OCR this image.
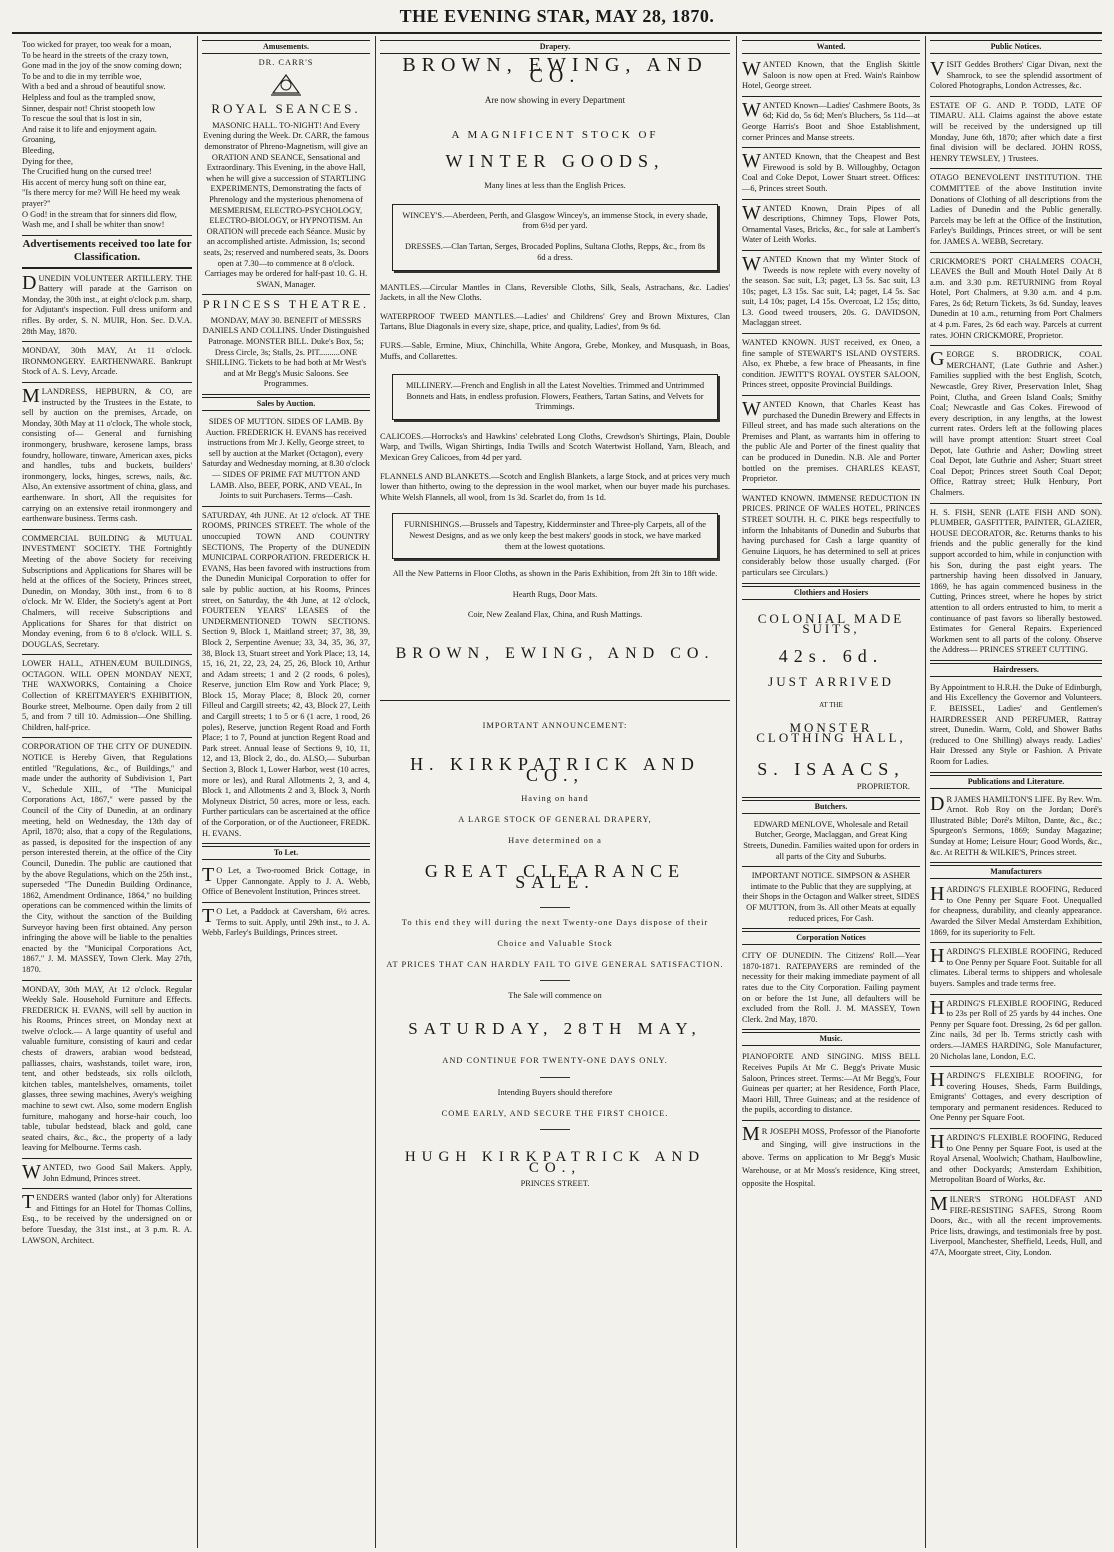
THE EVENING STAR, MAY 28, 1870.
Too wicked for prayer, too weak for a moan,
To be heard in the streets of the crazy town,
Gone mad in the joy of the snow coming down;
To be and to die in my terrible woe,
With a bed and a shroud of beautiful snow.
Helpless and foul as the trampled snow,
Sinner, despair not! Christ stoopeth low
To rescue the soul that is lost in sin,
And raise it to life and enjoyment again.
Groaning,
Bleeding,
Dying for thee,
The Crucified hung on the cursed tree!
His accent of mercy hung soft on thine ear,
"Is there mercy for me? Will He heed my weak prayer?"
O God! in the stream that for sinners did flow,
Wash me, and I shall be whiter than snow!
Advertisements received too late for Classification.
DUNEDIN VOLUNTEER ARTILLERY. THE Battery will parade at the Garrison on Monday, the 30th inst., at eight o'clock p.m. sharp, for Adjutant's inspection. Full dress uniform and rifles. By order, S. N. MUIR, Hon. Sec. D.V.A. 28th May, 1870.
MONDAY, 30th MAY, At 11 o'clock. IRONMONGERY. EARTHENWARE. Bankrupt Stock of A. S. Levy, Arcade.
MLANDRESS, HEPBURN, & CO, are instructed by the Trustees in the Estate, to sell by auction on the premises, Arcade, on Monday, 30th May at 11 o'clock, The whole stock, consisting of— General and furnishing ironmongery, brushware, kerosene lamps, brass foundry, holloware, tinware, American axes, picks and handles, tubs and buckets, builders' ironmongery, locks, hinges, screws, nails, &c. Also, An extensive assortment of china, glass, and earthenware. In short, All the requisites for carrying on an extensive retail ironmongery and earthenware business. Terms cash.
COMMERCIAL BUILDING & MUTUAL INVESTMENT SOCIETY. THE Fortnightly Meeting of the above Society for receiving Subscriptions and Applications for Shares will be held at the offices of the Society, Princes street, Dunedin, on Monday, 30th inst., from 6 to 8 o'clock. Mr W. Elder, the Society's agent at Port Chalmers, will receive Subscriptions and Applications for Shares for that district on Monday evening, from 6 to 8 o'clock. WILL S. DOUGLAS, Secretary.
LOWER HALL, ATHENÆUM BUILDINGS, OCTAGON. WILL OPEN MONDAY NEXT, THE WAXWORKS, Containing a Choice Collection of KREITMAYER'S EXHIBITION, Bourke street, Melbourne. Open daily from 2 till 5, and from 7 till 10. Admission—One Shilling. Children, half-price.
CORPORATION OF THE CITY OF DUNEDIN. NOTICE is Hereby Given, that Regulations entitled "Regulations, &c., of Buildings," and made under the authority of Subdivision 1, Part V., Schedule XIII., of "The Municipal Corporations Act, 1867," were passed by the Council of the City of Dunedin, at an ordinary meeting, held on Wednesday, the 13th day of April, 1870; also, that a copy of the Regulations, as passed, is deposited for the inspection of any person interested therein, at the office of the City Council, Dunedin. The public are cautioned that by the above Regulations, which on the 25th inst., superseded "The Dunedin Building Ordinance, 1862, Amendment Ordinance, 1864," no building operations can be commenced within the limits of the City, without the sanction of the Building Surveyor having been first obtained. Any person infringing the above will be liable to the penalties enacted by the "Municipal Corporations Act, 1867." J. M. MASSEY, Town Clerk. May 27th, 1870.
MONDAY, 30th MAY, At 12 o'clock. Regular Weekly Sale. Household Furniture and Effects. FREDERICK H. EVANS, will sell by auction in his Rooms, Princes street, on Monday next at twelve o'clock.— A large quantity of useful and valuable furniture, consisting of kauri and cedar chests of drawers, arabian wood bedstead, palliasses, chairs, washstands, toilet ware, iron, tent, and other bedsteads, six rolls oilcloth, kitchen tables, mantelshelves, ornaments, toilet glasses, three sewing machines, Avery's weighing machine to sewt cwt. Also, some modern English furniture, mahogany and horse-hair couch, loo table, tubular bedstead, black and gold, cane seated chairs, &c., &c., the property of a lady leaving for Melbourne. Terms cash.
WANTED, two Good Sail Makers. Apply, John Edmund, Princes street.
TENDERS wanted (labor only) for Alterations and Fittings for an Hotel for Thomas Collins, Esq., to be received by the undersigned on or before Tuesday, the 31st inst., at 3 p.m. R. A. LAWSON, Architect.
Amusements.
DR. CARR'S
ROYAL SEANCES.
MASONIC HALL. TO-NIGHT! And Every Evening during the Week. Dr. CARR, the famous demonstrator of Phreno-Magnetism, will give an ORATION AND SEANCE, Sensational and Extraordinary. This Evening, in the above Hall, when he will give a succession of STARTLING EXPERIMENTS, Demonstrating the facts of Phrenology and the mysterious phenomena of MESMERISM, ELECTRO-PSYCHOLOGY, ELECTRO-BIOLOGY, or HYPNOTISM. An ORATION will precede each Séance. Music by an accomplished artiste. Admission, 1s; second seats, 2s; reserved and numbered seats, 3s. Doors open at 7.30—to commence at 8 o'clock. Carriages may be ordered for half-past 10. G. H. SWAN, Manager.
PRINCESS THEATRE.
MONDAY, MAY 30. BENEFIT of MESSRS DANIELS AND COLLINS. Under Distinguished Patronage. MONSTER BILL. Duke's Box, 5s; Dress Circle, 3s; Stalls, 2s. PIT..........ONE SHILLING. Tickets to be had both at Mr West's and at Mr Begg's Music Saloons. See Programmes.
Sales by Auction.
SIDES OF MUTTON. SIDES OF LAMB. By Auction. FREDERICK H. EVANS has received instructions from Mr J. Kelly, George street, to sell by auction at the Market (Octagon), every Saturday and Wednesday morning, at 8.30 o'clock— SIDES OF PRIME FAT MUTTON AND LAMB. Also, BEEF, PORK, AND VEAL, In Joints to suit Purchasers. Terms—Cash.
SATURDAY, 4th JUNE. At 12 o'clock. AT THE ROOMS, PRINCES STREET. The whole of the unoccupied TOWN AND COUNTRY SECTIONS, The Property of the DUNEDIN MUNICIPAL CORPORATION. FREDERICK H. EVANS, Has been favored with instructions from the Dunedin Municipal Corporation to offer for sale by public auction, at his Rooms, Princes street, on Saturday, the 4th June, at 12 o'clock, FOURTEEN YEARS' LEASES of the UNDERMENTIONED TOWN SECTIONS. Section 9, Block 1, Maitland street; 37, 38, 39, Block 2, Serpentine Avenue; 33, 34, 35, 36, 37, 38, Block 13, Stuart street and York Place; 13, 14, 15, 16, 21, 22, 23, 24, 25, 26, Block 10, Arthur and Adam streets; 1 and 2 (2 roods, 6 poles), Reserve, junction Elm Row and York Place; 9, Block 15, Moray Place; 8, Block 20, corner Filleul and Cargill streets; 42, 43, Block 27, Leith and Cargill streets; 1 to 5 or 6 (1 acre, 1 rood, 26 poles), Reserve, junction Regent Road and Forth Place; 1 to 7, Pound at junction Regent Road and Park street. Annual lease of Sections 9, 10, 11, 12, and 13, Block 2, do., do. ALSO,— Suburban Section 3, Block 1, Lower Harbor, west (10 acres, more or les), and Rural Allotments 2, 3, and 4, Block 1, and Allotments 2 and 3, Block 3, North Molyneux District, 50 acres, more or less, each. Further particulars can be ascertained at the office of the Corporation, or of the Auctioneer, FREDK. H. EVANS.
To Let.
TO Let, a Two-roomed Brick Cottage, in Upper Cannongate. Apply to J. A. Webb, Office of Benevolent Institution, Princes street.
TO Let, a Paddock at Caversham, 6½ acres. Terms to suit. Apply, until 29th inst., to J. A. Webb, Farley's Buildings, Princes street.
Drapery.
BROWN, EWING, AND CO.
Are now showing in every Department
A MAGNIFICENT STOCK OF
WINTER GOODS,
Many lines at less than the English Prices.
WINCEY'S.—Aberdeen, Perth, and Glasgow Wincey's, an immense Stock, in every shade, from 6½d per yard.

DRESSES.—Clan Tartan, Serges, Brocaded Poplins, Sultana Cloths, Repps, &c., from 8s 6d a dress.

MANTLES.—Circular Mantles in Clans, Reversible Cloths, Silk, Seals, Astrachans, &c. Ladies' Jackets, in all the New Cloths.

WATERPROOF TWEED MANTLES.—Ladies' and Childrens' Grey and Brown Mixtures, Clan Tartans, Blue Diagonals in every size, shape, price, and quality, Ladies', from 9s 6d.

FURS.—Sable, Ermine, Miux, Chinchilla, White Angora, Grebe, Monkey, and Musquash, in Boas, Muffs, and Collarettes.

MILLINERY.—French and English in all the Latest Novelties. Trimmed and Untrimmed Bonnets and Hats, in endless profusion. Flowers, Feathers, Tartan Satins, and Velvets for Trimmings.

CALICOES.—Horrocks's and Hawkins' celebrated Long Cloths, Crewdson's Shirtings, Plain, Double Warp, and Twills, Wigan Shirtings, India Twills and Scotch Watertwist Holland, Yarn, Bleach, and Mexican Grey Calicoes, from 4d per yard.

FLANNELS AND BLANKETS.—Scotch and English Blankets, a large Stock, and at prices very much lower than hitherto, owing to the depression in the wool market, when our buyer made his purchases. White Welsh Flannels, all wool, from 1s 3d. Scarlet do, from 1s 1d.

FURNISHINGS.—Brussels and Tapestry, Kidderminster and Three-ply Carpets, all of the Newest Designs, and as we only keep the best makers' goods in stock, we have marked them at the lowest quotations.
All the New Patterns in Floor Cloths, as shown in the Paris Exhibition, from 2ft 3in to 18ft wide.
Hearth Rugs, Door Mats.
Coir, New Zealand Flax, China, and Rush Mattings.
BROWN, EWING, AND CO.
IMPORTANT ANNOUNCEMENT:
H. KIRKPATRICK AND CO.,

Having on hand

A LARGE STOCK OF GENERAL DRAPERY,

Have determined on a

GREAT CLEARANCE SALE.

To this end they will during the next Twenty-one Days dispose of their

Choice and Valuable Stock

AT PRICES THAT CAN HARDLY FAIL TO GIVE GENERAL SATISFACTION.

The Sale will commence on
SATURDAY, 28TH MAY,
AND CONTINUE FOR TWENTY-ONE DAYS ONLY.
Intending Buyers should therefore
COME EARLY, AND SECURE THE FIRST CHOICE.
HUGH KIRKPATRICK AND CO.,
PRINCES STREET.
Wanted.
WANTED Known, that the English Skittle Saloon is now open at Fred. Wain's Rainbow Hotel, George street.
WANTED Known—Ladies' Cashmere Boots, 3s 6d; Kid do, 5s 6d; Men's Bluchers, 5s 11d—at George Harris's Boot and Shoe Establishment, corner Princes and Manse streets.
WANTED Known, that the Cheapest and Best Firewood is sold by B. Willoughby, Octagon Coal and Coke Depot, Lower Stuart street. Offices:—6, Princes street South.
WANTED Known, Drain Pipes of all descriptions, Chimney Tops, Flower Pots, Ornamental Vases, Bricks, &c., for sale at Lambert's Water of Leith Works.
WANTED Known that my Winter Stock of Tweeds is now replete with every novelty of the season. Sac suit, L3; paget, L3 5s. Sac suit, L3 10s; paget, L3 15s. Sac suit, L4; paget, L4 5s. Sac suit, L4 10s; paget, L4 15s. Overcoat, L2 15s; ditto, L3. Good tweed trousers, 20s. G. DAVIDSON, Maclaggan street.
WANTED KNOWN. JUST received, ex Oneo, a fine sample of STEWART'S ISLAND OYSTERS. Also, ex Phœbe, a few brace of Pheasants, in fine condition. JEWITT'S ROYAL OYSTER SALOON, Princes street, opposite Provincial Buildings.
WANTED Known, that Charles Keast has purchased the Dunedin Brewery and Effects in Filleul street, and has made such alterations on the Premises and Plant, as warrants him in offering to the public Ale and Porter of the finest quality that can be produced in Dunedin. N.B. Ale and Porter bottled on the premises. CHARLES KEAST, Proprietor.
WANTED KNOWN. IMMENSE REDUCTION IN PRICES. PRINCE OF WALES HOTEL, PRINCES STREET SOUTH. H. C. PIKE begs respectfully to inform the Inhabitants of Dunedin and Suburbs that having purchased for Cash a large quantity of Genuine Liquors, he has determined to sell at prices considerably below those usually charged. (For particulars see Circulars.)
Clothiers and Hosiers
COLONIAL MADE SUITS,
42s. 6d.
JUST ARRIVED
AT THE
MONSTER CLOTHING HALL,
S. ISAACS,
PROPRIETOR.
Butchers.
EDWARD MENLOVE, Wholesale and Retail Butcher, George, Maclaggan, and Great King Streets, Dunedin. Families waited upon for orders in all parts of the City and Suburbs.
IMPORTANT NOTICE. SIMPSON & ASHER intimate to the Public that they are supplying, at their Shops in the Octagon and Walker street, SIDES OF MUTTON, from 3s. All other Meats at equally reduced prices, For Cash.
Corporation Notices
CITY OF DUNEDIN. The Citizens' Roll.—Year 1870-1871. RATEPAYERS are reminded of the necessity for their making immediate payment of all rates due to the City Corporation. Failing payment on or before the 1st June, all defaulters will be excluded from the Roll. J. M. MASSEY, Town Clerk. 2nd May, 1870.
Music.
PIANOFORTE AND SINGING. MISS BELL Receives Pupils At Mr C. Begg's Private Music Saloon, Princes street. Terms:—At Mr Begg's, Four Guineas per quarter; at her Residence, Forth Place, Maori Hill, Three Guineas; and at the residence of the pupils, according to distance.
MR JOSEPH MOSS, Professor of the Pianoforte and Singing, will give instructions in the above. Terms on application to Mr Begg's Music Warehouse, or at Mr Moss's residence, King street, opposite the Hospital.
Public Notices.
VISIT Geddes Brothers' Cigar Divan, next the Shamrock, to see the splendid assortment of Colored Photographs, London Actresses, &c.
ESTATE OF G. AND P. TODD, LATE OF TIMARU. ALL Claims against the above estate will be received by the undersigned up till Monday, June 6th, 1870; after which date a first final division will be declared. JOHN ROSS, HENRY TEWSLEY, } Trustees.
OTAGO BENEVOLENT INSTITUTION. THE COMMITTEE of the above Institution invite Donations of Clothing of all descriptions from the Ladies of Dunedin and the Public generally. Parcels may be left at the Office of the Institution, Farley's Buildings, Princes street, or will be sent for. JAMES A. WEBB, Secretary.
CRICKMORE'S PORT CHALMERS COACH, LEAVES the Bull and Mouth Hotel Daily At 8 a.m. and 3.30 p.m. RETURNING from Royal Hotel, Port Chalmers, at 9.30 a.m. and 4 p.m. Fares, 2s 6d; Return Tickets, 3s 6d. Sunday, leaves Dunedin at 10 a.m., returning from Port Chalmers at 4 p.m. Fares, 2s 6d each way. Parcels at current rates. JOHN CRICKMORE, Proprietor.
GEORGE S. BRODRICK, COAL MERCHANT, (Late Guthrie and Asher.) Families supplied with the best English, Scotch, Newcastle, Grey River, Preservation Inlet, Shag Point, Clutha, and Green Island Coals; Smithy Coal; Newcastle and Gas Cokes. Firewood of every description, in any lengths, at the lowest current rates. Orders left at the following places will have prompt attention: Stuart street Coal Depot, late Guthrie and Asher; Dowling street Coal Depot, late Guthrie and Asher; Stuart street Coal Depot; Princes street South Coal Depot; Office, Rattray street; Hulk Henbury, Port Chalmers.
H. S. FISH, SENR (LATE FISH AND SON). PLUMBER, GASFITTER, PAINTER, GLAZIER, HOUSE DECORATOR, &c. Returns thanks to his friends and the public generally for the kind support accorded to him, while in conjunction with his Son, during the past eight years. The partnership having been dissolved in January, 1869, he has again commenced business in the Cutting, Princes street, where he hopes by strict attention to all orders entrusted to him, to merit a continuance of past favors so liberally bestowed. Estimates for General Repairs. Experienced Workmen sent to all parts of the colony. Observe the Address— PRINCES STREET CUTTING.
Hairdressers.
By Appointment to H.R.H. the Duke of Edinburgh, and His Excellency the Governor and Volunteers. F. BEISSEL, Ladies' and Gentlemen's HAIRDRESSER AND PERFUMER, Rattray street, Dunedin. Warm, Cold, and Shower Baths (reduced to One Shilling) always ready. Ladies' Hair Dressed any Style or Fashion. A Private Room for Ladies.
Publications and Literature.
DR JAMES HAMILTON'S LIFE. By Rev. Wm. Arnot. Rob Roy on the Jordan; Doré's Illustrated Bible; Doré's Milton, Dante, &c., &c.; Spurgeon's Sermons, 1869; Sunday Magazine; Sunday at Home; Leisure Hour; Good Words, &c., &c. At REITH & WILKIE'S, Princes street.
Manufacturers
HARDING'S FLEXIBLE ROOFING, Reduced to One Penny per Square Foot. Unequalled for cheapness, durability, and cleanly appearance. Awarded the Silver Medal Amsterdam Exhibition, 1869, for its superiority to Felt.
HARDING'S FLEXIBLE ROOFING, Reduced to One Penny per Square Foot. Suitable for all climates. Liberal terms to shippers and wholesale buyers. Samples and trade terms free.
HARDING'S FLEXIBLE ROOFING, Reduced to 23s per Roll of 25 yards by 44 inches. One Penny per Square foot. Dressing, 2s 6d per gallon. Zinc nails, 3d per lb. Terms strictly cash with orders.—JAMES HARDING, Sole Manufacturer, 20 Nicholas lane, London, E.C.
HARDING'S FLEXIBLE ROOFING, for covering Houses, Sheds, Farm Buildings, Emigrants' Cottages, and every description of temporary and permanent residences. Reduced to One Penny per Square Foot.
HARDING'S FLEXIBLE ROOFING, Reduced to One Penny per Square Foot, is used at the Royal Arsenal, Woolwich; Chatham, Haulbowline, and other Dockyards; Amsterdam Exhibition, Metropolitan Board of Works, &c.
MILNER'S STRONG HOLDFAST AND FIRE-RESISTING SAFES, Strong Room Doors, &c., with all the recent improvements. Price lists, drawings, and testimonials free by post. Liverpool, Manchester, Sheffield, Leeds, Hull, and 47A, Moorgate street, City, London.
